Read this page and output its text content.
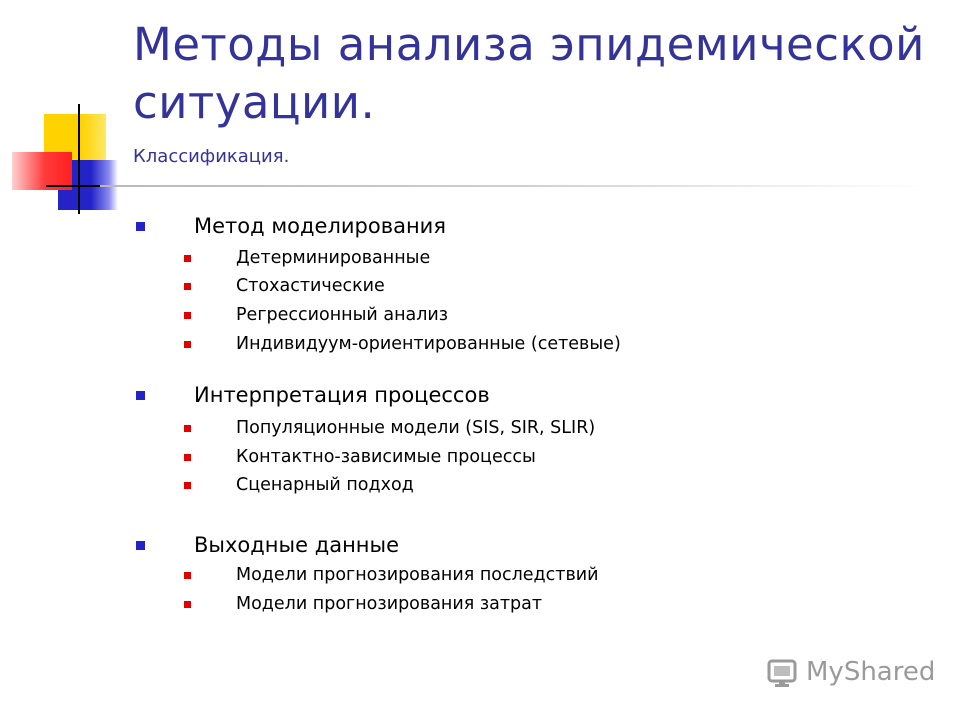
Методы анализа эпидемической ситуации.

Классификация.

Метод моделирования
Детерминированные
Стохастические
Регрессионный анализ
Индивидуум-ориентированные (сетевые)
Интерпретация процессов
Популяционные модели (SIS, SIR, SLIR)
Контактно-зависимые процессы
Сценарный подход
Выходные данные
Модели прогнозирования последствий
Модели прогнозирования затрат
MyShared
